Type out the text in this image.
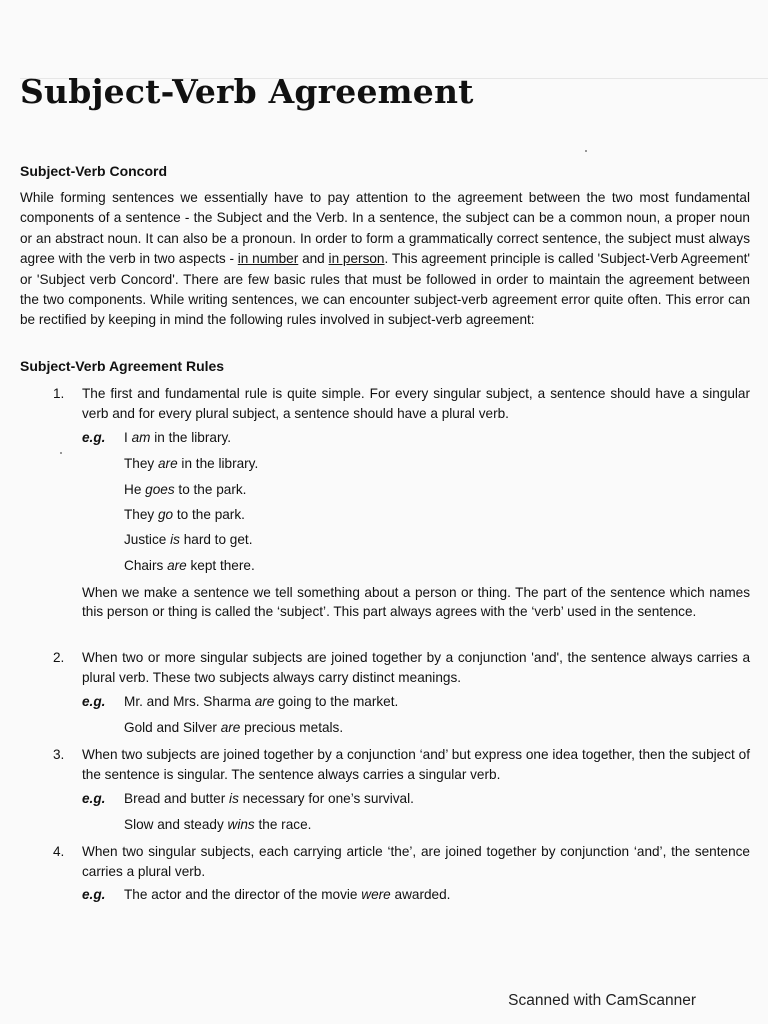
Subject-Verb Agreement
Subject-Verb Concord

While forming sentences we essentially have to pay attention to the agreement between the two most fundamental components of a sentence - the Subject and the Verb. In a sentence, the subject can be a common noun, a proper noun or an abstract noun. It can also be a pronoun. In order to form a grammatically correct sentence, the subject must always agree with the verb in two aspects - in number and in person. This agreement principle is called 'Subject-Verb Agreement' or 'Subject verb Concord'. There are few basic rules that must be followed in order to maintain the agreement between the two components. While writing sentences, we can encounter subject-verb agreement error quite often. This error can be rectified by keeping in mind the following rules involved in subject-verb agreement:

Subject-Verb Agreement Rules
1. The first and fundamental rule is quite simple. For every singular subject, a sentence should have a singular verb and for every plural subject, a sentence should have a plural verb.

e.g. I am in the library.
They are in the library.
He goes to the park.
They go to the park.
Justice is hard to get.
Chairs are kept there.

When we make a sentence we tell something about a person or thing. The part of the sentence which names this person or thing is called the ‘subject’. This part always agrees with the ‘verb’ used in the sentence.

2. When two or more singular subjects are joined together by a conjunction 'and', the sentence always carries a plural verb. These two subjects always carry distinct meanings.

e.g. Mr. and Mrs. Sharma are going to the market.
Gold and Silver are precious metals.
3. When two subjects are joined together by a conjunction ‘and’ but express one idea together, then the subject of the sentence is singular. The sentence always carries a singular verb.

e.g. Bread and butter is necessary for one’s survival.
Slow and steady wins the race.
4. When two singular subjects, each carrying article ‘the’, are joined together by conjunction ‘and’, the sentence carries a plural verb.

e.g. The actor and the director of the movie were awarded.
Scanned with CamScanner
